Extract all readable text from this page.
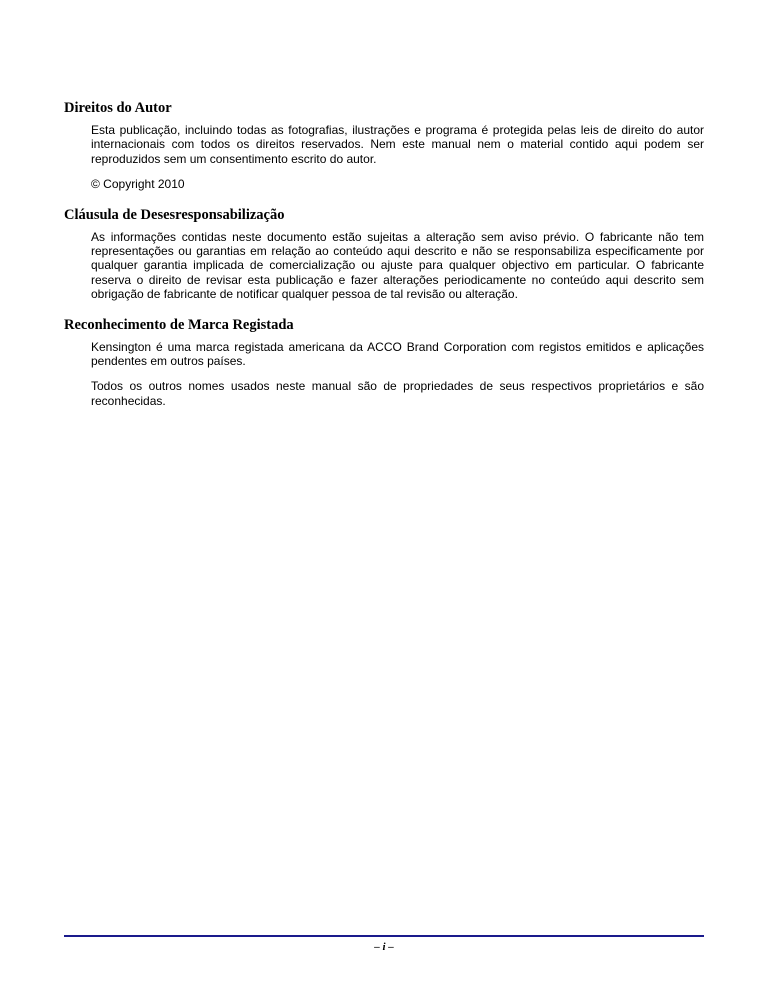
Direitos do Autor

Esta publicação, incluindo todas as fotografias, ilustrações e programa é protegida pelas leis de direito do autor internacionais com todos os direitos reservados. Nem este manual nem o material contido aqui podem ser reproduzidos sem um consentimento escrito do autor.

© Copyright 2010

Cláusula de Desesresponsabilização

As informações contidas neste documento estão sujeitas a alteração sem aviso prévio. O fabricante não tem representações ou garantias em relação ao conteúdo aqui descrito e não se responsabiliza especificamente por qualquer garantia implicada de comercialização ou ajuste para qualquer objectivo em particular. O fabricante reserva o direito de revisar esta publicação e fazer alterações periodicamente no conteúdo aqui descrito sem obrigação de fabricante de notificar qualquer pessoa de tal revisão ou alteração.

Reconhecimento de Marca Registada

Kensington é uma marca registada americana da ACCO Brand Corporation com registos emitidos e aplicações pendentes em outros países.

Todos os outros nomes usados neste manual são de propriedades de seus respectivos proprietários e são reconhecidas.

– i –
